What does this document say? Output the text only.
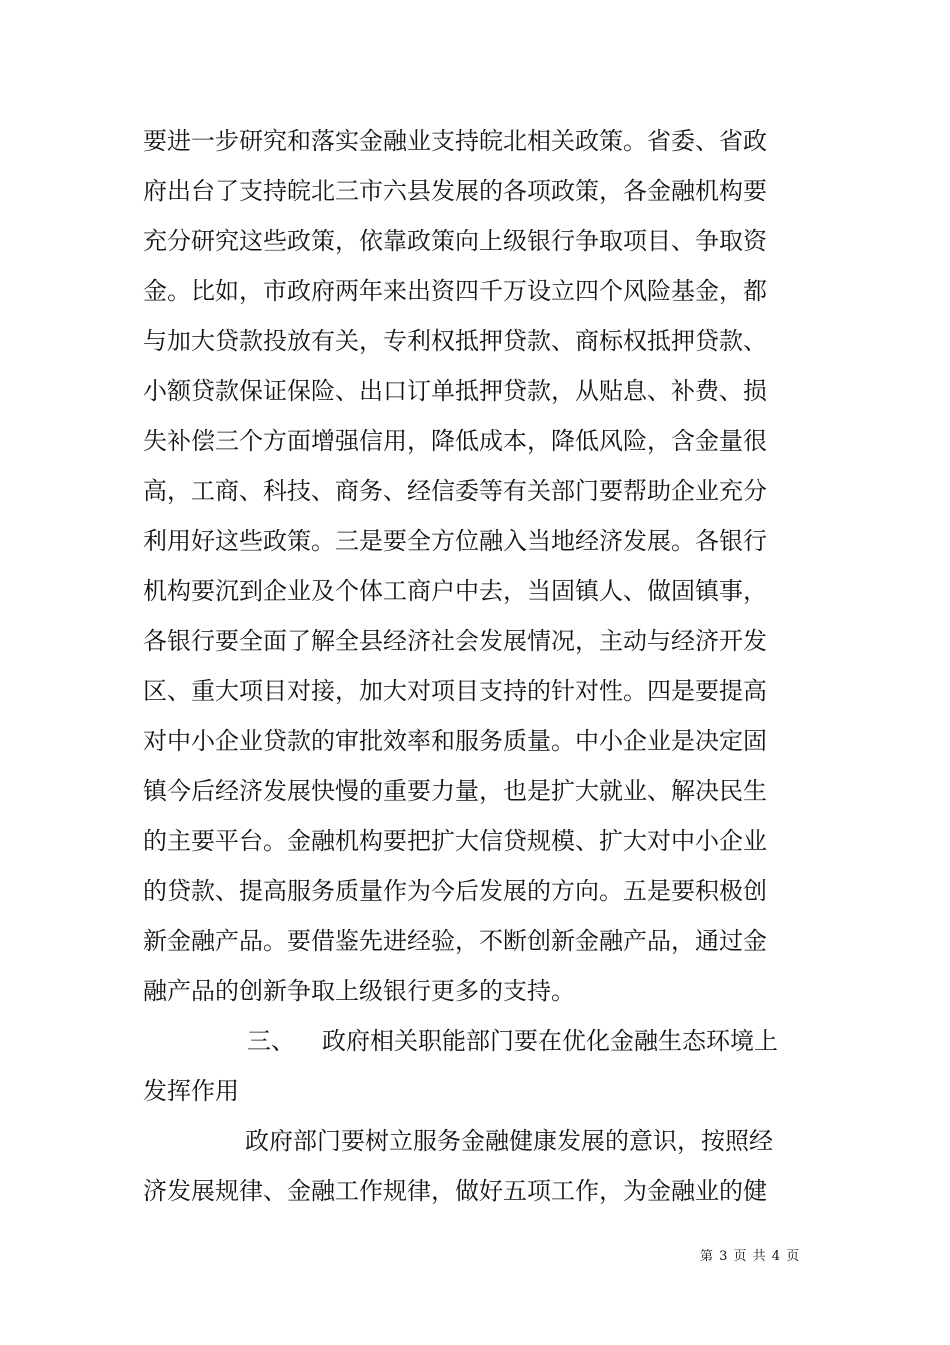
要进一步研究和落实金融业支持皖北相关政策。省委、省政
府出台了支持皖北三市六县发展的各项政策，各金融机构要
充分研究这些政策，依靠政策向上级银行争取项目、争取资
金。比如，市政府两年来出资四千万设立四个风险基金，都
与加大贷款投放有关，专利权抵押贷款、商标权抵押贷款、
小额贷款保证保险、出口订单抵押贷款，从贴息、补费、损
失补偿三个方面增强信用，降低成本，降低风险，含金量很
高，工商、科技、商务、经信委等有关部门要帮助企业充分
利用好这些政策。三是要全方位融入当地经济发展。各银行
机构要沉到企业及个体工商户中去，当固镇人、做固镇事，
各银行要全面了解全县经济社会发展情况，主动与经济开发
区、重大项目对接，加大对项目支持的针对性。四是要提高
对中小企业贷款的审批效率和服务质量。中小企业是决定固
镇今后经济发展快慢的重要力量，也是扩大就业、解决民生
的主要平台。金融机构要把扩大信贷规模、扩大对中小企业
的贷款、提高服务质量作为今后发展的方向。五是要积极创
新金融产品。要借鉴先进经验，不断创新金融产品，通过金
融产品的创新争取上级银行更多的支持。
三、 政府相关职能部门要在优化金融生态环境上
发挥作用
政府部门要树立服务金融健康发展的意识，按照经
济发展规律、金融工作规律，做好五项工作，为金融业的健
第 3 页 共 4 页
